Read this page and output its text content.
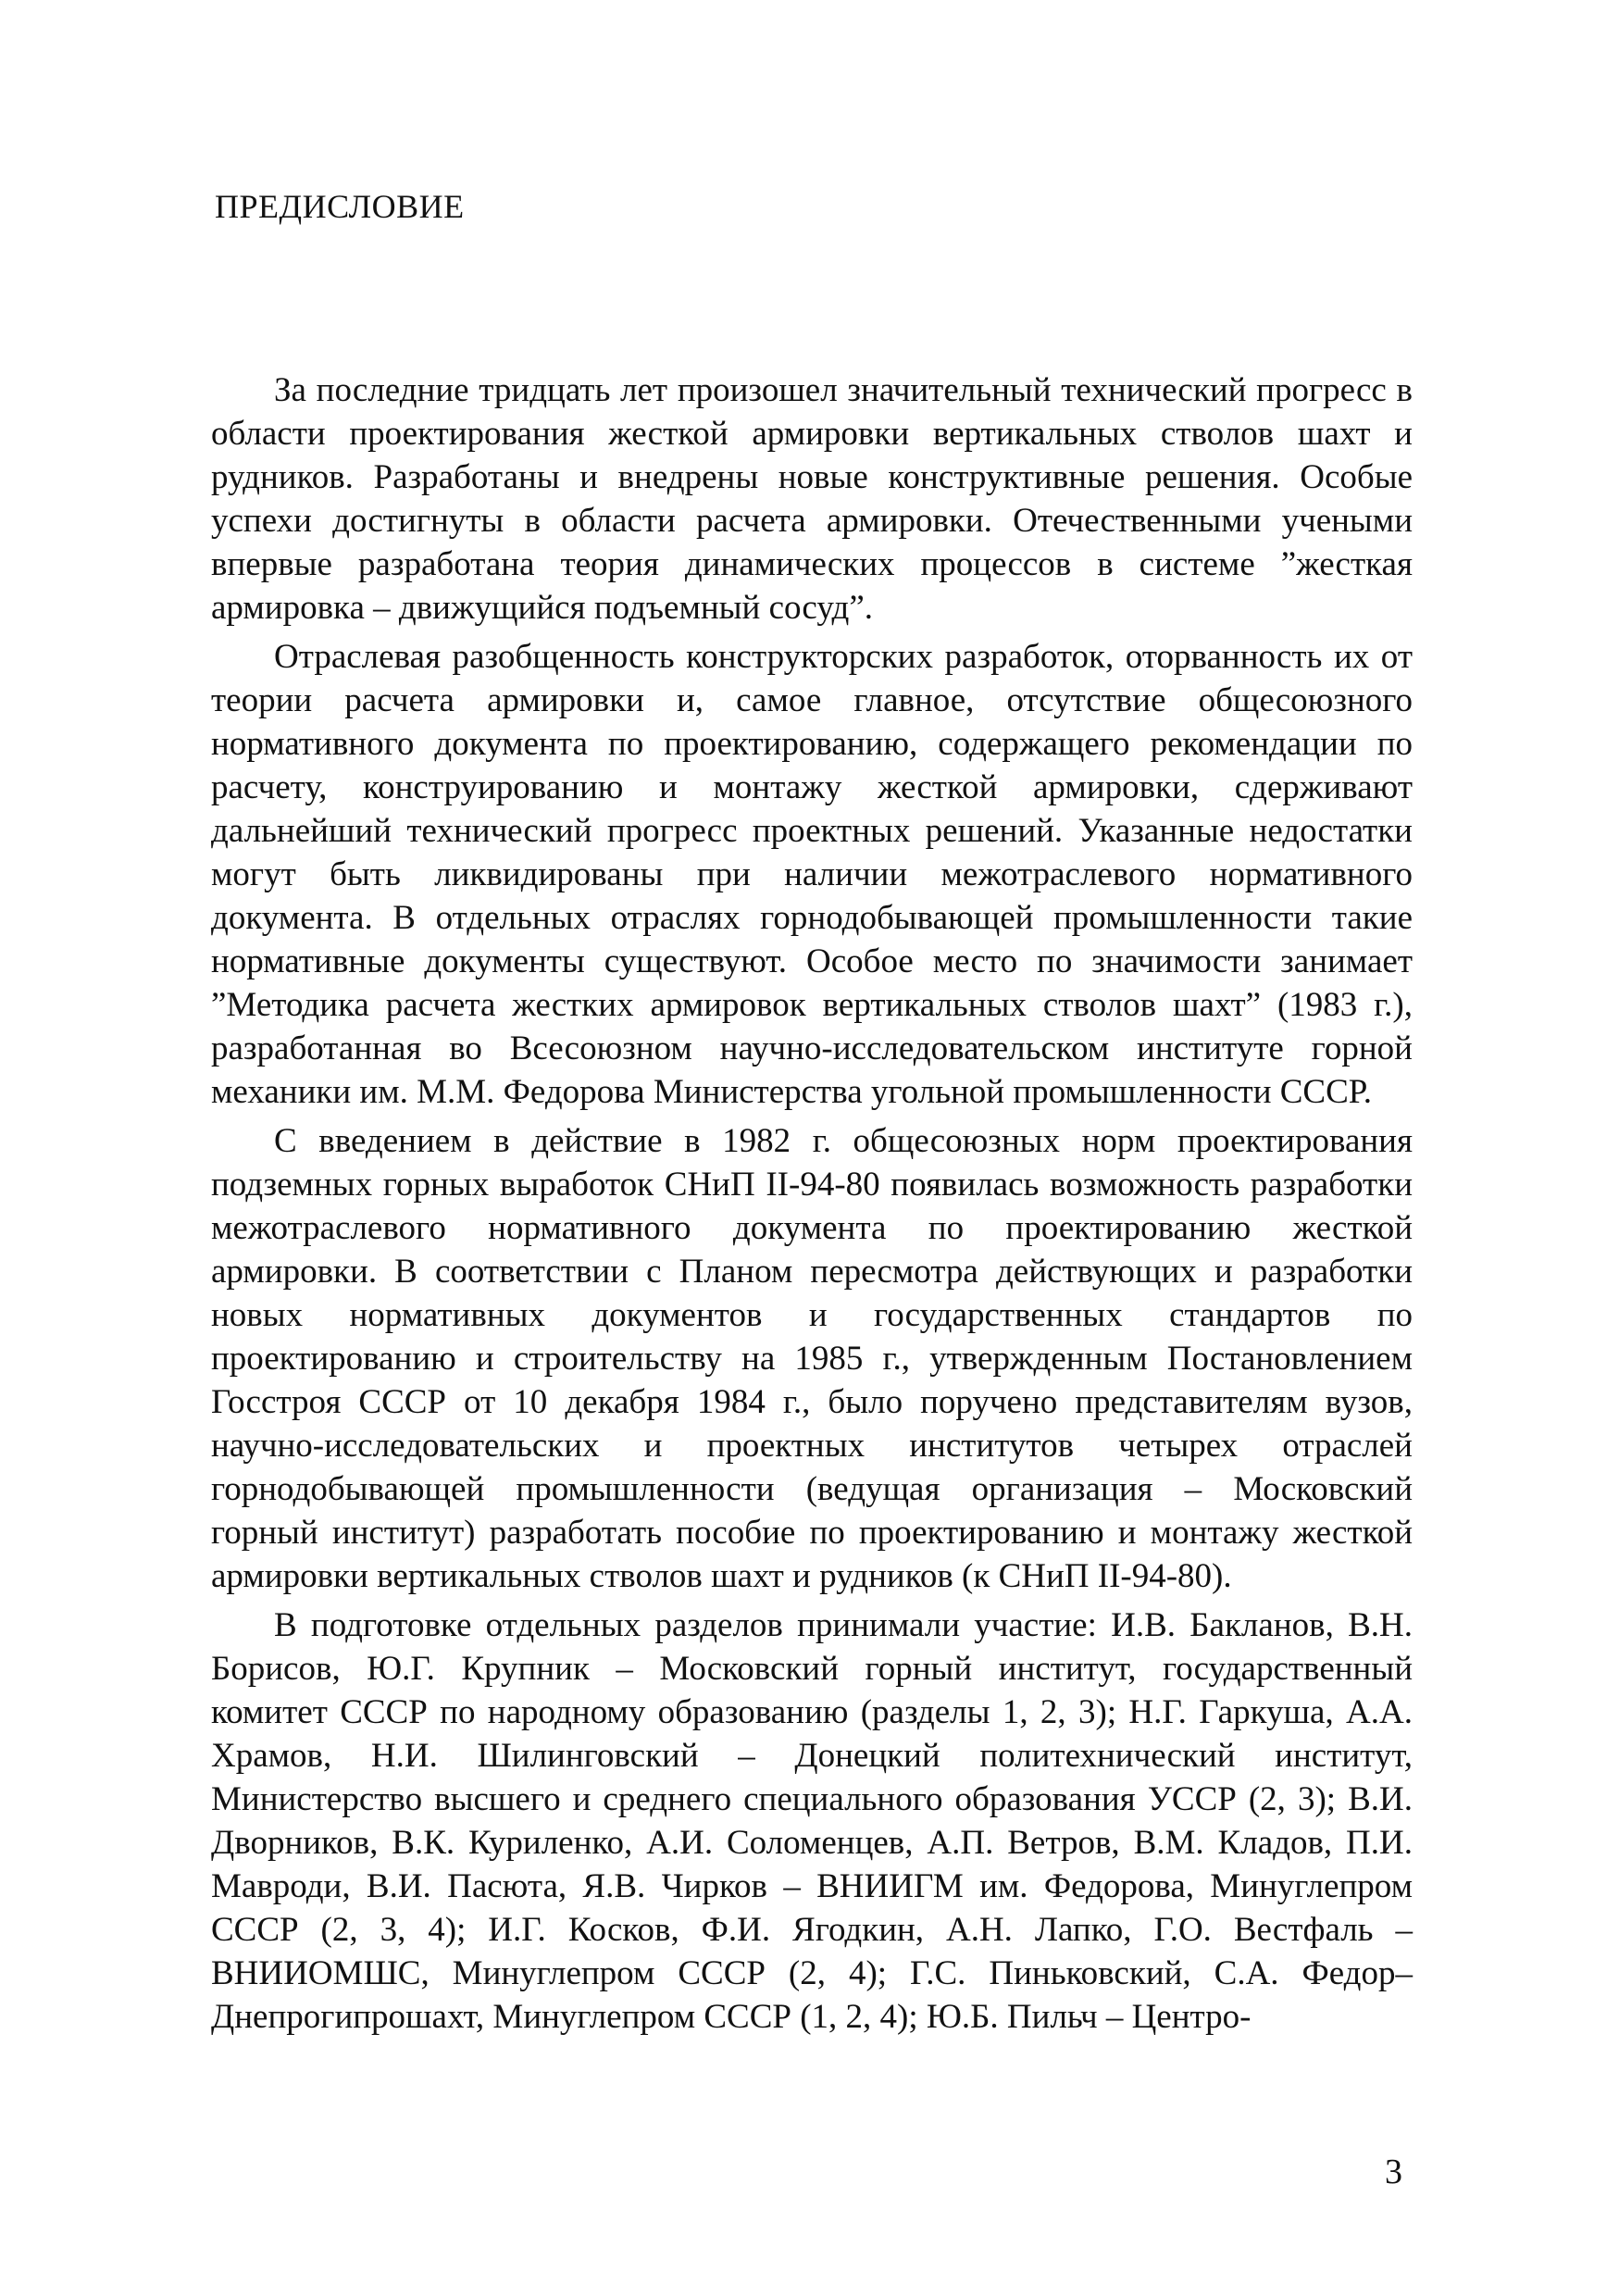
ПРЕДИСЛОВИЕ

За последние тридцать лет произошел значительный технический прогресс в области проектирования жесткой армировки вертикальных стволов шахт и рудников. Разработаны и внедрены новые конструктивные решения. Особые успехи достигнуты в области расчета армировки. Отечественными учеными впервые разработана теория динамических процессов в системе ”жесткая армировка – движущийся подъемный сосуд”.

Отраслевая разобщенность конструкторских разработок, оторванность их от теории расчета армировки и, самое главное, отсутствие общесоюзного нормативного документа по проектированию, содержащего рекомендации по расчету, конструированию и монтажу жесткой армировки, сдерживают дальнейший технический прогресс проектных решений. Указанные недостатки могут быть ликвидированы при наличии межотраслевого нормативного документа. В отдельных отраслях горнодобывающей промышленности такие нормативные документы существуют. Особое место по значимости занимает ”Методика расчета жестких армировок вертикальных стволов шахт” (1983 г.), разработанная во Всесоюзном научно-исследовательском институте горной механики им. М.М. Федорова Министерства угольной промышленности СССР.

С введением в действие в 1982 г. общесоюзных норм проектирования подземных горных выработок СНиП II-94-80 появилась возможность разработки межотраслевого нормативного документа по проектированию жесткой армировки. В соответствии с Планом пересмотра действующих и разработки новых нормативных документов и государственных стандартов по проектированию и строительству на 1985 г., утвержденным Постановлением Госстроя СССР от 10 декабря 1984 г., было поручено представителям вузов, научно-исследовательских и проектных институтов четырех отраслей горнодобывающей промышленности (ведущая организация – Московский горный институт) разработать пособие по проектированию и монтажу жесткой армировки вертикальных стволов шахт и рудников (к СНиП II-94-80).

В подготовке отдельных разделов принимали участие: И.В. Бакланов, В.Н. Борисов, Ю.Г. Крупник – Московский горный институт, государственный комитет СССР по народному образованию (разделы 1, 2, 3); Н.Г. Гаркуша, А.А. Храмов, Н.И. Шилинговский – Донецкий политехнический институт, Министерство высшего и среднего специального образования УССР (2, 3); В.И. Дворников, В.К. Куриленко, А.И. Соломенцев, А.П. Ветров, В.М. Кладов, П.И. Мавроди, В.И. Пасюта, Я.В. Чирков – ВНИИГМ им. Федорова, Минуглепром СССР (2, 3, 4); И.Г. Косков, Ф.И. Ягодкин, А.Н. Лапко, Г.О. Вестфаль – ВНИИОМШС, Минуглепром СССР (2, 4); Г.С. Пиньковский, С.А. Федор– Днепрогипрошахт, Минуглепром СССР (1, 2, 4); Ю.Б. Пильч – Центро-

3
